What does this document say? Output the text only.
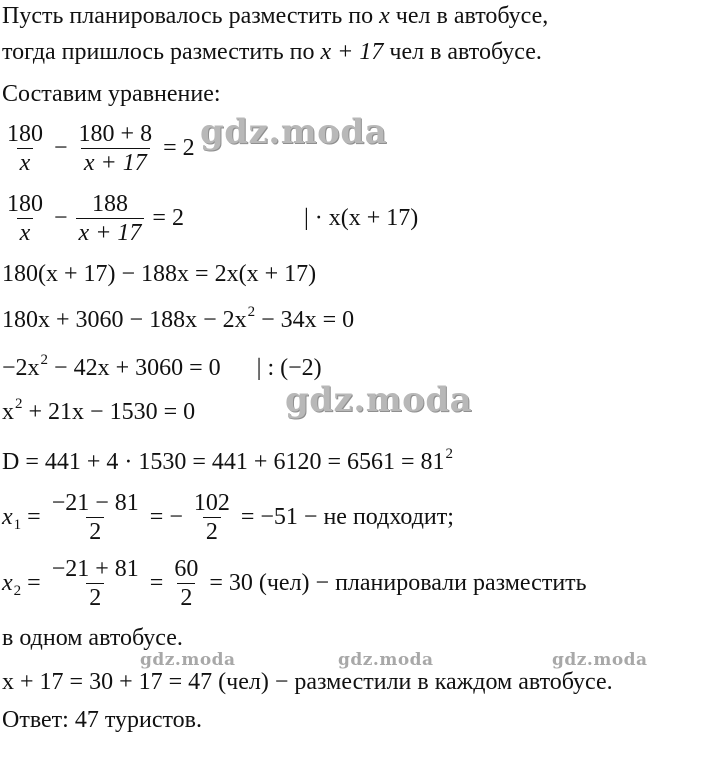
Пусть планировалось разместить по x чел в автобусе,
тогда пришлось разместить по x + 17 чел в автобусе.
Составим уравнение:
$\frac{180}{x} - \frac{180 + 8}{x + 17} = 2$
$\frac{180}{x} - \frac{188}{x + 17} = 2$	| · x(x + 17)
180(x + 17) − 188x = 2x(x + 17)
$180x + 3060 - 188x - 2x^2 - 34x = 0$
$-2x^2 - 42x + 3060 = 0$ | : (−2)
$x^2 + 21x - 1530 = 0$
$D = 441 + 4 \cdot 1530 = 441 + 6120 = 6561 = 81^2$
x $1 = \frac{-21 - 81}{2}$ = − $\frac{102}{2} = -51$ − не подходит;
x $2 = \frac{-21 + 81}{2} = \frac{60}{2} = 30$ (чел) − планировали разместить
в одном автобусе.
x + 17 = 30 + 17 = 47 (чел) − разместили в каждом автобусе.
Ответ: 47 туристов.
gdz.moda
gdz.moda
gdz.moda	gdz.moda	gdz.moda
